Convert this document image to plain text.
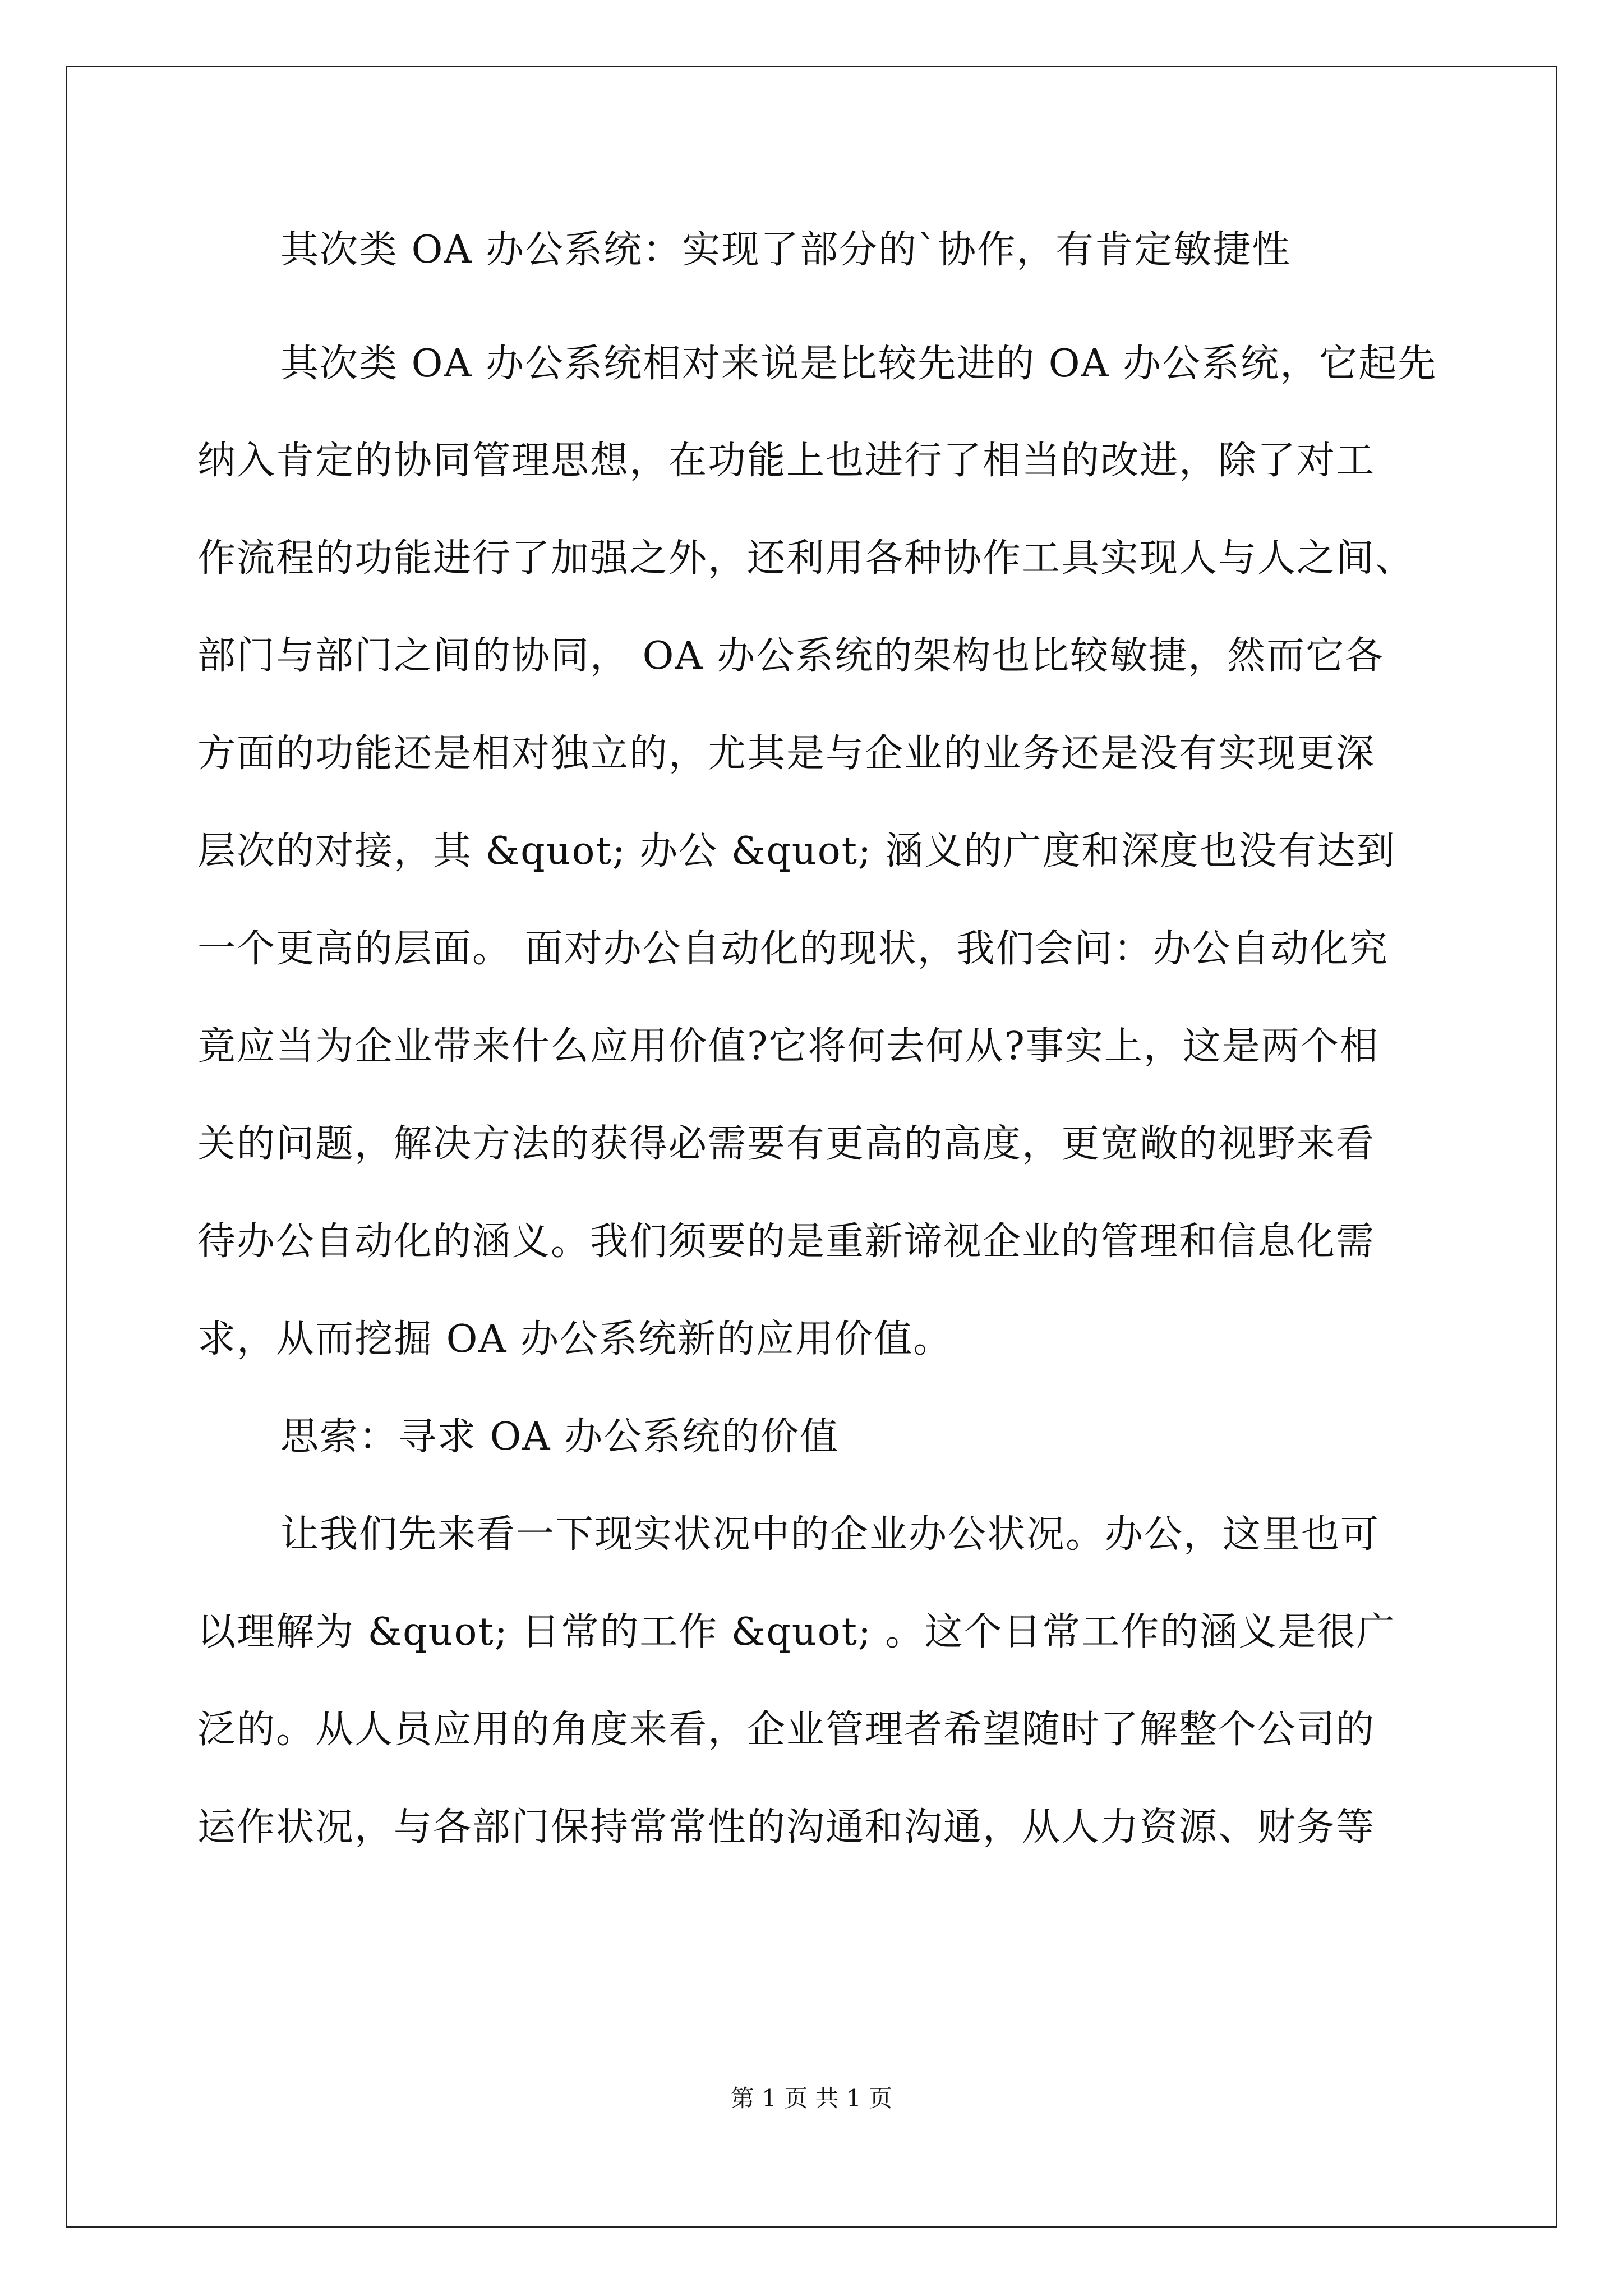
其次类 OA 办公系统：实现了部分的`协作，有肯定敏捷性
其次类 OA 办公系统相对来说是比较先进的 OA 办公系统，它起先
纳入肯定的协同管理思想，在功能上也进行了相当的改进，除了对工
作流程的功能进行了加强之外，还利用各种协作工具实现人与人之间、
部门与部门之间的协同， OA 办公系统的架构也比较敏捷，然而它各
方面的功能还是相对独立的，尤其是与企业的业务还是没有实现更深
层次的对接，其 &quot; 办公 &quot; 涵义的广度和深度也没有达到
一个更高的层面。 面对办公自动化的现状，我们会问：办公自动化究
竟应当为企业带来什么应用价值?它将何去何从?事实上，这是两个相
关的问题，解决方法的获得必需要有更高的高度，更宽敞的视野来看
待办公自动化的涵义。我们须要的是重新谛视企业的管理和信息化需
求，从而挖掘 OA 办公系统新的应用价值。
思索：寻求 OA 办公系统的价值
让我们先来看一下现实状况中的企业办公状况。办公，这里也可
以理解为 &quot; 日常的工作 &quot; 。这个日常工作的涵义是很广
泛的。从人员应用的角度来看，企业管理者希望随时了解整个公司的
运作状况，与各部门保持常常性的沟通和沟通，从人力资源、财务等
第 1 页 共 1 页
